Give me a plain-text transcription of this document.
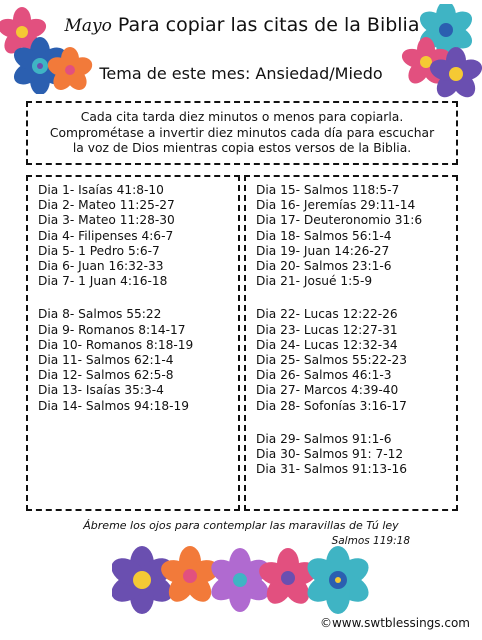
Mayo Para copiar las citas de la Biblia
Tema de este mes: Ansiedad/Miedo
Cada cita tarda diez minutos o menos para copiarla.
Comprométase a invertir diez minutos cada día para escuchar
la voz de Dios mientras copia estos versos de la Biblia.
Dia 1- Isaías 41:8-10
Dia 2- Mateo 11:25-27
Dia 3- Mateo 11:28-30
Dia 4- Filipenses 4:6-7
Dia 5- 1 Pedro 5:6-7
Dia 6- Juan 16:32-33
Dia 7- 1 Juan 4:16-18
Dia 8- Salmos 55:22
Dia 9- Romanos 8:14-17
Dia 10- Romanos 8:18-19
Dia 11- Salmos 62:1-4
Dia 12- Salmos 62:5-8
Dia 13- Isaías 35:3-4
Dia 14- Salmos 94:18-19
Dia 15- Salmos 118:5-7
Dia 16- Jeremías 29:11-14
Dia 17- Deuteronomio 31:6
Dia 18- Salmos 56:1-4
Dia 19- Juan 14:26-27
Dia 20- Salmos 23:1-6
Dia 21- Josué 1:5-9
Dia 22- Lucas 12:22-26
Dia 23- Lucas 12:27-31
Dia 24- Lucas 12:32-34
Dia 25- Salmos 55:22-23
Dia 26- Salmos 46:1-3
Dia 27- Marcos 4:39-40
Dia 28- Sofonías 3:16-17
Dia 29- Salmos 91:1-6
Dia 30- Salmos 91: 7-12
Dia 31- Salmos 91:13-16
Ábreme los ojos para contemplar las maravillas de Tú ley
Salmos 119:18
©www.swtblessings.com
